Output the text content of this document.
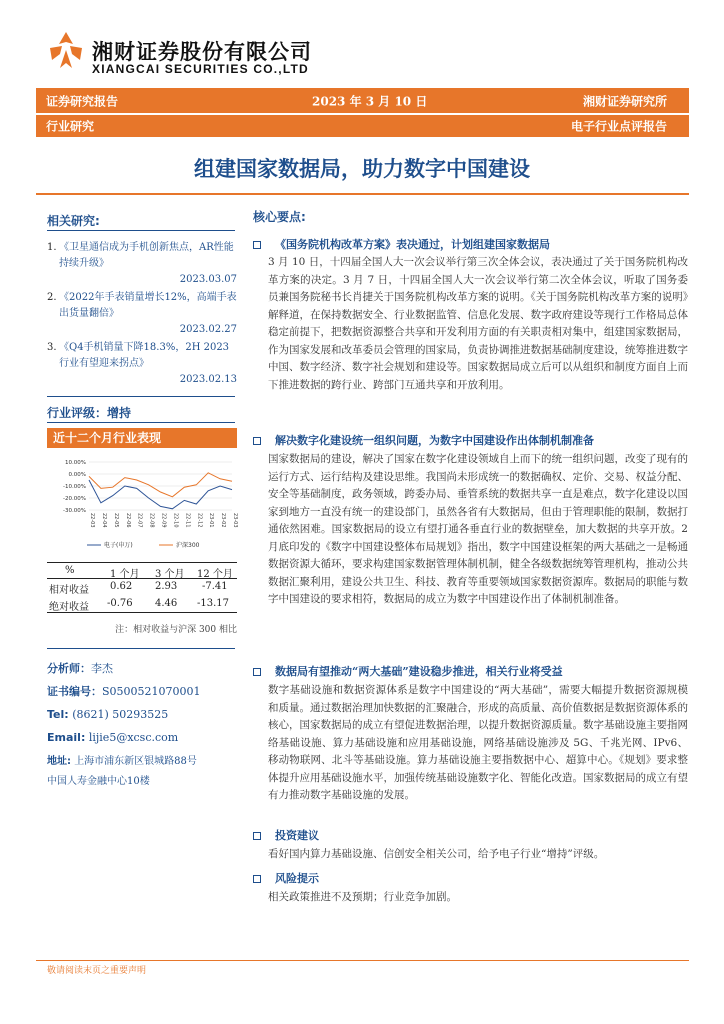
湘财证券股份有限公司
XIANGCAI SECURITIES CO.,LTD
证券研究报告	2023 年 3 月 10 日	湘财证券研究所
行业研究	电子行业点评报告
组建国家数据局，助力数字中国建设
相关研究:
1. 《卫星通信成为手机创新焦点，AR性能持续升级》
2023.03.07
2. 《2022年手表销量增长12%，高端手表出货量翻倍》
2023.02.27
3. 《Q4手机销量下降18.3%，2H 2023行业有望迎来拐点》
2023.02.13
行业评级：增持
近十二个月行业表现
10.00%
0.00%
-10.00%
-20.00%
-30.00%
22-03 22-04 22-05 22-06 22-07 22-08 22-09 22-10 22-11 22-12 23-01 23-02 23-03
电子(申万)	沪深300
%	1 个月 3 个月 12 个月
相对收益 0.62 2.93 -7.41
绝对收益 -0.76 4.46 -13.17
注：相对收益与沪深 300 相比
分析师：李杰
证书编号：S0500521070001
Tel: (8621) 50293525
Email: lijie5@xcsc.com
地址: 上海市浦东新区银城路88号
中国人寿金融中心10楼
核心要点:
《国务院机构改革方案》表决通过，计划组建国家数据局
3 月 10 日，十四届全国人大一次会议举行第三次全体会议，表决通过了关于国务院机构改革方案的决定。3 月 7 日，十四届全国人大一次会议举行第二次全体会议，听取了国务委员兼国务院秘书长肖捷关于国务院机构改革方案的说明。《关于国务院机构改革方案的说明》解释道，在保持数据安全、行业数据监管、信息化发展、数字政府建设等现行工作格局总体稳定前提下，把数据资源整合共享和开发利用方面的有关职责相对集中，组建国家数据局，作为国家发展和改革委员会管理的国家局，负责协调推进数据基础制度建设，统筹推进数字中国、数字经济、数字社会规划和建设等。国家数据局成立后可以从组织和制度方面自上而下推进数据的跨行业、跨部门互通共享和开放利用。
解决数字化建设统一组织问题，为数字中国建设作出体制机制准备
国家数据局的建设，解决了国家在数字化建设领域自上而下的统一组织问题，改变了现有的运行方式、运行结构及建设思维。我国尚未形成统一的数据确权、定价、交易、权益分配、安全等基础制度，政务领域，跨委办局、垂管系统的数据共享一直是难点，数字化建设以国家到地方一直没有统一的建设部门，虽然各省有大数据局，但由于管理职能的限制，数据打通依然困难。国家数据局的设立有望打通各垂直行业的数据壁垒，加大数据的共享开放。2 月底印发的《数字中国建设整体布局规划》指出，数字中国建设框架的两大基础之一是畅通数据资源大循环，要求构建国家数据管理体制机制，健全各级数据统筹管理机构，推动公共数据汇聚利用，建设公共卫生、科技、教育等重要领域国家数据资源库。数据局的职能与数字中国建设的要求相符，数据局的成立为数字中国建设作出了体制机制准备。
数据局有望推动“两大基础”建设稳步推进，相关行业将受益
数字基础设施和数据资源体系是数字中国建设的“两大基础”，需要大幅提升数据资源规模和质量。通过数据治理加快数据的汇聚融合，形成的高质量、高价值数据是数据资源体系的核心，国家数据局的成立有望促进数据治理，以提升数据资源质量。数字基础设施主要指网络基础设施、算力基础设施和应用基础设施，网络基础设施涉及 5G、千兆光网、IPv6、移动物联网、北斗等基础设施。算力基础设施主要指数据中心、超算中心。《规划》要求整体提升应用基础设施水平，加强传统基础设施数字化、智能化改造。国家数据局的成立有望有力推动数字基础设施的发展。
投资建议
看好国内算力基础设施、信创安全相关公司，给予电子行业“增持”评级。
风险提示
相关政策推进不及预期；行业竞争加剧。
敬请阅读末页之重要声明
